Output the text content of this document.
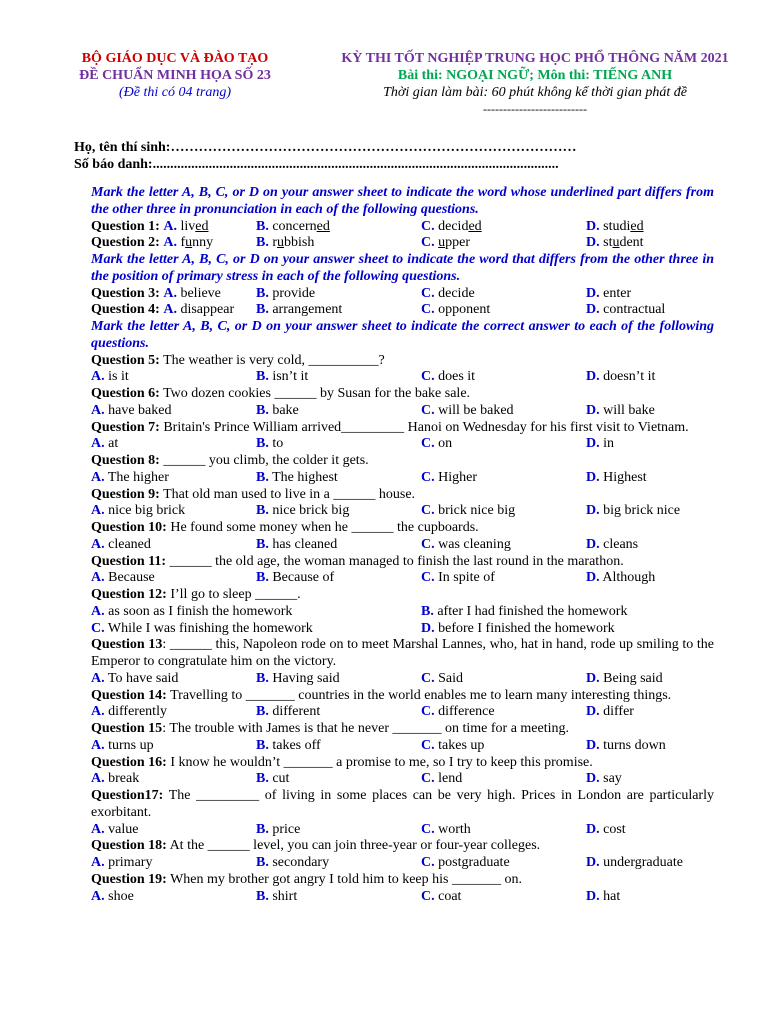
BỘ GIÁO DỤC VÀ ĐÀO TẠO
ĐỀ CHUẨN MINH HỌA SỐ 23
(Đề thi có 04 trang)
KỲ THI TỐT NGHIỆP TRUNG HỌC PHỔ THÔNG NĂM 2021
Bài thi: NGOẠI NGỮ; Môn thi: TIẾNG ANH
Thời gian làm bài: 60 phút không kể thời gian phát đề
--------------------------
Họ, tên thí sinh:……………………………………………………………………………
Số báo danh:....................................................................................................................
Mark the letter A, B, C, or D on your answer sheet to indicate the word whose underlined part differs from the other three in pronunciation in each of the following questions.
Question 1: A. lived	B. concerned	C. decided	D. studied
Question 2: A. funny	B. rubbish	C. upper	D. student
Mark the letter A, B, C, or D on your answer sheet to indicate the word that differs from the other three in the position of primary stress in each of the following questions.
Question 3: A. believe	B. provide	C. decide	D. enter
Question 4: A. disappear	B. arrangement	C. opponent	D. contractual
Mark the letter A, B, C, or D on your answer sheet to indicate the correct answer to each of the following questions.
Question 5: The weather is very cold, __________?
A. is it	B. isn’t it	C. does it	D. doesn’t it
Question 6: Two dozen cookies ______ by Susan for the bake sale.
A. have baked	B. bake	C. will be baked	D. will bake
Question 7: Britain's Prince William arrived_________ Hanoi on Wednesday for his first visit to Vietnam.
A. at	B. to	C. on	D. in
Question 8: ______ you climb, the colder it gets.
A. The higher	B. The highest	C. Higher	D. Highest
Question 9: That old man used to live in a ______ house.
A. nice big brick	B. nice brick big	C. brick nice big	D. big brick nice
Question 10: He found some money when he ______ the cupboards.
A. cleaned	B. has cleaned	C. was cleaning	D. cleans
Question 11: ______ the old age, the woman managed to finish the last round in the marathon.
A. Because	B. Because of	C. In spite of	D. Although
Question 12: I’ll go to sleep ______.
A. as soon as I finish the homework	B. after I had finished the homework
C. While I was finishing the homework	D. before I finished the homework
Question 13: ______ this, Napoleon rode on to meet Marshal Lannes, who, hat in hand, rode up smiling to the Emperor to congratulate him on the victory.
A. To have said	B. Having said	C. Said	D. Being said
Question 14: Travelling to _______ countries in the world enables me to learn many interesting things.
A. differently	B. different	C. difference	D. differ
Question 15: The trouble with James is that he never _______ on time for a meeting.
A. turns up	B. takes off	C. takes up	D. turns down
Question 16: I know he wouldn’t _______ a promise to me, so I try to keep this promise.
A. break	B. cut	C. lend	D. say
Question17: The _________ of living in some places can be very high. Prices in London are particularly exorbitant.
A. value	B. price	C. worth	D. cost
Question 18: At the ______ level, you can join three-year or four-year colleges.
A. primary	B. secondary	C. postgraduate	D. undergraduate
Question 19: When my brother got angry I told him to keep his _______ on.
A. shoe	B. shirt	C. coat	D. hat
